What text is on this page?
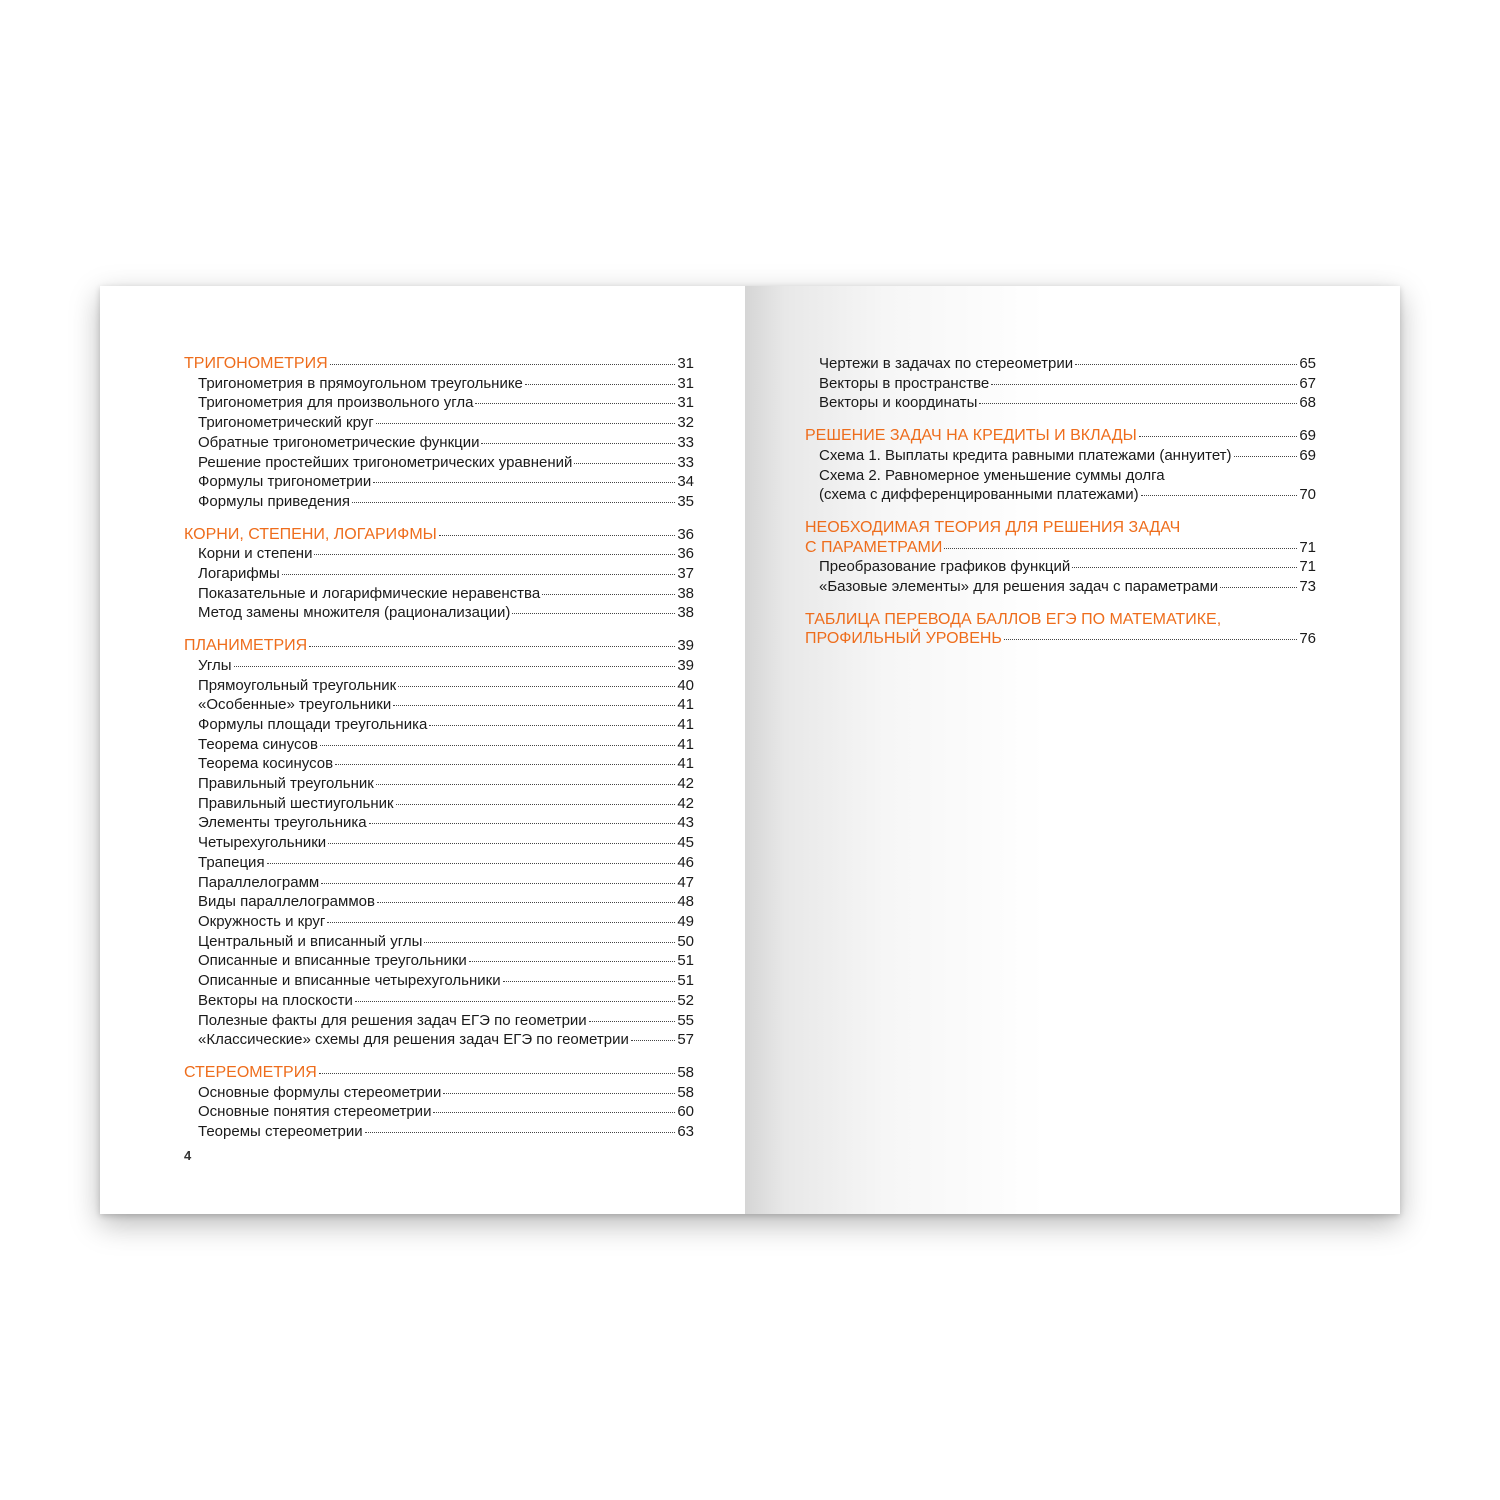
ТРИГОНОМЕТРИЯ	31
Тригонометрия в прямоугольном треугольнике	31
Тригонометрия для произвольного угла	31
Тригонометрический круг	32
Обратные тригонометрические функции	33
Решение простейших тригонометрических уравнений	33
Формулы тригонометрии	34
Формулы приведения	35
КОРНИ, СТЕПЕНИ, ЛОГАРИФМЫ	36
Корни и степени	36
Логарифмы	37
Показательные и логарифмические неравенства	38
Метод замены множителя (рационализации)	38
ПЛАНИМЕТРИЯ	39
Углы	39
Прямоугольный треугольник	40
«Особенные» треугольники	41
Формулы площади треугольника	41
Теорема синусов	41
Теорема косинусов	41
Правильный треугольник	42
Правильный шестиугольник	42
Элементы треугольника	43
Четырехугольники	45
Трапеция	46
Параллелограмм	47
Виды параллелограммов	48
Окружность и круг	49
Центральный и вписанный углы	50
Описанные и вписанные треугольники	51
Описанные и вписанные четырехугольники	51
Векторы на плоскости	52
Полезные факты для решения задач ЕГЭ по геометрии	55
«Классические» схемы для решения задач ЕГЭ по геометрии	57
СТЕРЕОМЕТРИЯ	58
Основные формулы стереометрии	58
Основные понятия стереометрии	60
Теоремы стереометрии	63
4
Чертежи в задачах по стереометрии	65
Векторы в пространстве	67
Векторы и координаты	68
РЕШЕНИЕ ЗАДАЧ НА КРЕДИТЫ И ВКЛАДЫ	69
Схема 1. Выплаты кредита равными платежами (аннуитет)	69
Схема 2. Равномерное уменьшение суммы долга
(схема с дифференцированными платежами)	70
НЕОБХОДИМАЯ ТЕОРИЯ ДЛЯ РЕШЕНИЯ ЗАДАЧ
С ПАРАМЕТРАМИ	71
Преобразование графиков функций	71
«Базовые элементы» для решения задач с параметрами	73
ТАБЛИЦА ПЕРЕВОДА БАЛЛОВ ЕГЭ ПО МАТЕМАТИКЕ,
ПРОФИЛЬНЫЙ УРОВЕНЬ	76
